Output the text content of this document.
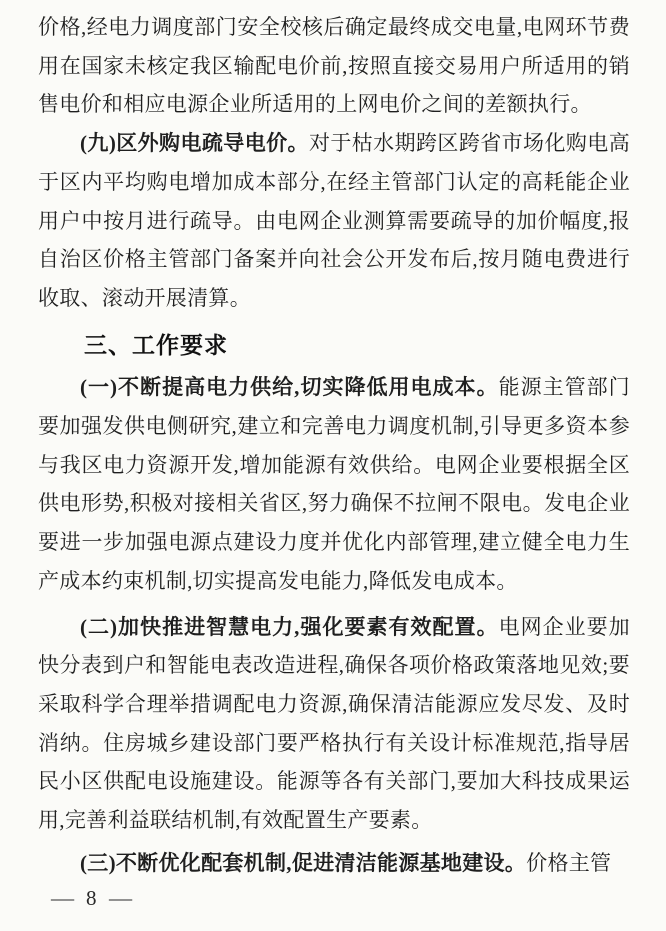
价格,经电力调度部门安全校核后确定最终成交电量,电网环节费用在国家未核定我区输配电价前,按照直接交易用户所适用的销售电价和相应电源企业所适用的上网电价之间的差额执行。

(九)区外购电疏导电价。对于枯水期跨区跨省市场化购电高于区内平均购电增加成本部分,在经主管部门认定的高耗能企业用户中按月进行疏导。由电网企业测算需要疏导的加价幅度,报自治区价格主管部门备案并向社会公开发布后,按月随电费进行收取、滚动开展清算。

三、工作要求

(一)不断提高电力供给,切实降低用电成本。能源主管部门要加强发供电侧研究,建立和完善电力调度机制,引导更多资本参与我区电力资源开发,增加能源有效供给。电网企业要根据全区供电形势,积极对接相关省区,努力确保不拉闸不限电。发电企业要进一步加强电源点建设力度并优化内部管理,建立健全电力生产成本约束机制,切实提高发电能力,降低发电成本。

(二)加快推进智慧电力,强化要素有效配置。电网企业要加快分表到户和智能电表改造进程,确保各项价格政策落地见效;要采取科学合理举措调配电力资源,确保清洁能源应发尽发、及时消纳。住房城乡建设部门要严格执行有关设计标准规范,指导居民小区供配电设施建设。能源等各有关部门,要加大科技成果运用,完善利益联结机制,有效配置生产要素。

(三)不断优化配套机制,促进清洁能源基地建设。价格主管

— 8 —
